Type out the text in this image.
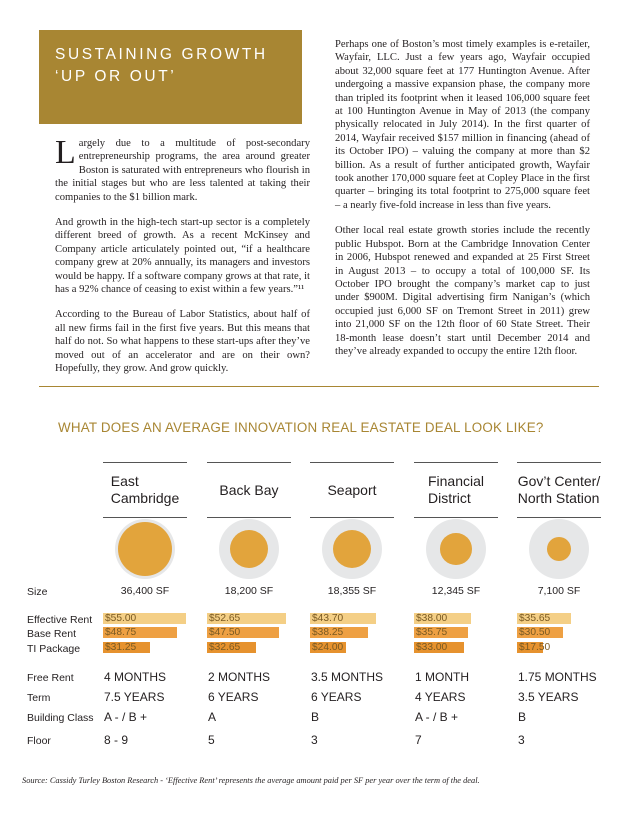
SUSTAINING GROWTH
‘UP OR OUT’

Largely due to a multitude of post-secondary entrepreneurship programs, the area around greater Boston is saturated with entrepreneurs who flourish in the initial stages but who are less talented at taking their companies to the $1 billion mark.

And growth in the high-tech start-up sector is a completely different breed of growth. As a recent McKinsey and Company article articulately pointed out, “if a healthcare company grew at 20% annually, its managers and investors would be happy. If a software company grows at that rate, it has a 92% chance of ceasing to exist within a few years.”¹¹

According to the Bureau of Labor Statistics, about half of all new firms fail in the first five years. But this means that half do not. So what happens to these start-ups after they’ve moved out of an accelerator and are on their own? Hopefully, they grow. And grow quickly.

Perhaps one of Boston’s most timely examples is e-retailer, Wayfair, LLC. Just a few years ago, Wayfair occupied about 32,000 square feet at 177 Huntington Avenue. After undergoing a massive expansion phase, the company more than tripled its footprint when it leased 106,000 square feet at 100 Huntington Avenue in May of 2013 (the company physically relocated in July 2014). In the first quarter of 2014, Wayfair received $157 million in financing (ahead of its October IPO) – valuing the company at more than $2 billion. As a result of further anticipated growth, Wayfair took another 170,000 square feet at Copley Place in the first quarter – bringing its total footprint to 275,000 square feet – a nearly five-fold increase in less than five years.

Other local real estate growth stories include the recently public Hubspot. Born at the Cambridge Innovation Center in 2006, Hubspot renewed and expanded at 25 First Street in August 2013 – to occupy a total of 100,000 SF. Its October IPO brought the company’s market cap to just under $900M. Digital advertising firm Nanigan’s (which occupied just 6,000 SF on Tremont Street in 2011) grew into 21,000 SF on the 12th floor of 60 State Street. Their 18-month lease doesn’t start until December 2014 and they’ve already expanded to occupy the entire 12th floor.

WHAT DOES AN AVERAGE INNOVATION REAL EASTATE DEAL LOOK LIKE?
Size
Effective Rent
Base Rent
TI Package
Free Rent
Term
Building Class
Floor
East
Cambridge
36,400 SF
$55.00
$48.75
$31.25
4 MONTHS
7.5 YEARS
A - / B +
8 - 9
Back Bay
18,200 SF
$52.65
$47.50
$32.65
2 MONTHS
6 YEARS
A
5
Seaport
18,355 SF
$43.70
$38.25
$24.00
3.5 MONTHS
6 YEARS
B
3
Financial
District
12,345 SF
$38.00
$35.75
$33.00
1 MONTH
4 YEARS
A - / B +
7
Gov’t Center/
North Station
7,100 SF
$35.65
$30.50
$17.50
1.75 MONTHS
3.5 YEARS
B
3
Source: Cassidy Turley Boston Research - ‘Effective Rent’ represents the average amount paid per SF per year over the term of the deal.
